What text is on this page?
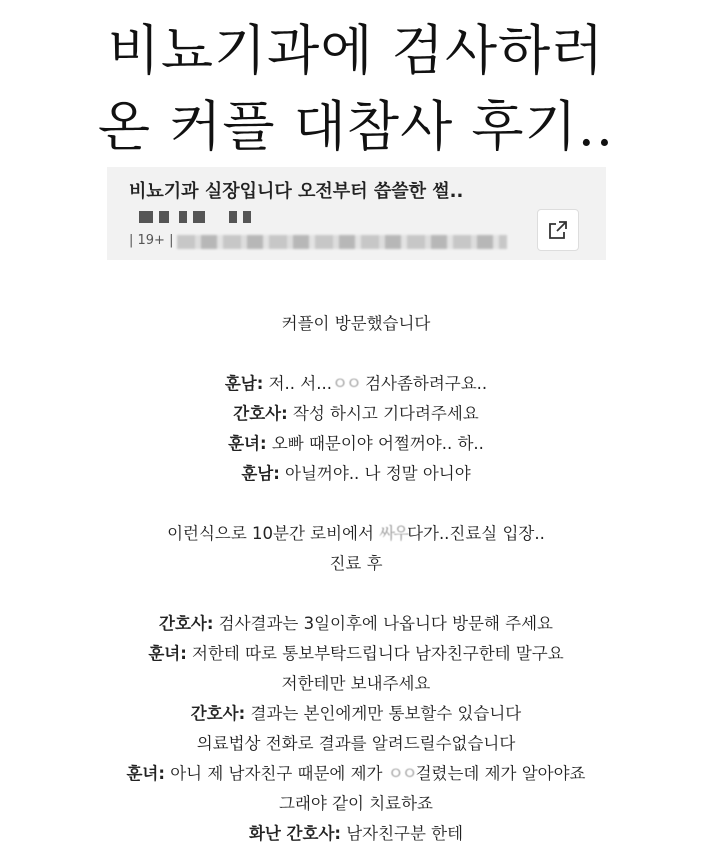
비뇨기과에 검사하러
온 커플 대참사 후기..
비뇨기과 실장입니다 오전부터 씁쓸한 썰..
| 19+ |
커플이 방문했습니다
훈남: 저.. 서...ㅇㅇ 검사좀하려구요..
간호사: 작성 하시고 기다려주세요
훈녀: 오빠 때문이야 어쩔꺼야.. 하..
훈남: 아닐꺼야.. 나 정말 아니야
이런식으로 10분간 로비에서 싸우다가..진료실 입장..
진료 후
간호사: 검사결과는 3일이후에 나옵니다 방문해 주세요
훈녀: 저한테 따로 통보부탁드립니다 남자친구한테 말구요
저한테만 보내주세요
간호사: 결과는 본인에게만 통보할수 있습니다
의료법상 전화로 결과를 알려드릴수없습니다
훈녀: 아니 제 남자친구 때문에 제가 ㅇㅇ걸렸는데 제가 알아야죠
그래야 같이 치료하죠
화난 간호사: 남자친구분 한테
